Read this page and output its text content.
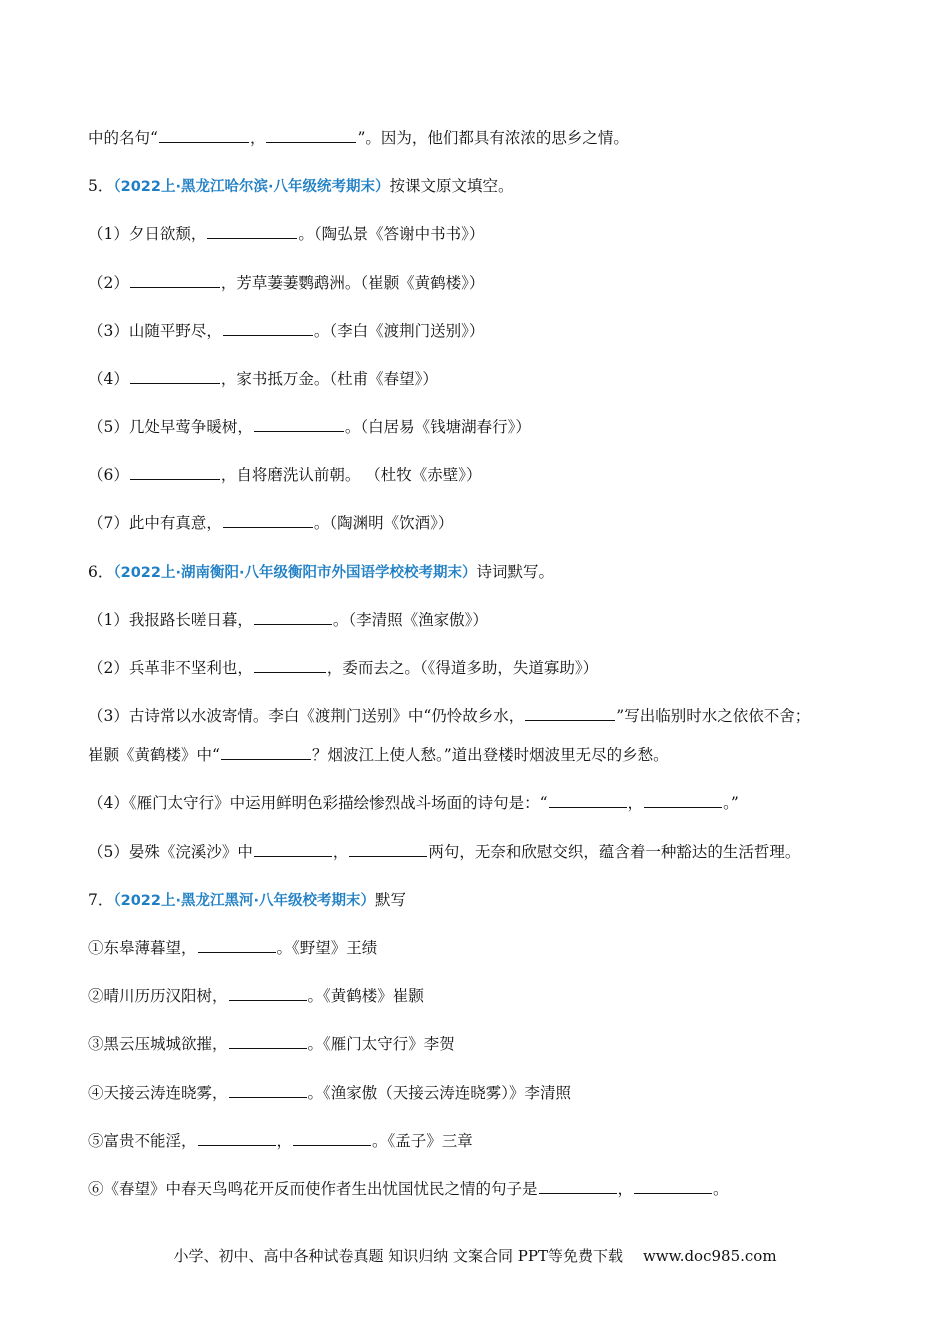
中的名句“	，	”。因为，他们都具有浓浓的思乡之情。
5．（2022上·黑龙江哈尔滨·八年级统考期末）按课文原文填空。
（1）夕日欲颓，	。（陶弘景《答谢中书书》）
（2）	，芳草萋萋鹦鹉洲。（崔颢《黄鹤楼》）
（3）山随平野尽，	。（李白《渡荆门送别》）
（4）	，家书抵万金。（杜甫《春望》）
（5）几处早莺争暖树，	。（白居易《钱塘湖春行》）
（6）	，自将磨洗认前朝。 （杜牧《赤壁》）
（7）此中有真意，	。（陶渊明《饮酒》）
6．（2022上·湖南衡阳·八年级衡阳市外国语学校校考期末）诗词默写。
（1）我报路长嗟日暮，	。（李清照《渔家傲》）
（2）兵革非不坚利也，	，委而去之。（《得道多助，失道寡助》）
（3）古诗常以水波寄情。李白《渡荆门送别》中“仍怜故乡水，	”写出临别时水之依依不舍；
崔颢《黄鹤楼》中“	？烟波江上使人愁。”道出登楼时烟波里无尽的乡愁。
（4）《雁门太守行》中运用鲜明色彩描绘惨烈战斗场面的诗句是：“	，	。”
（5）晏殊《浣溪沙》中	，	两句，无奈和欣慰交织，蕴含着一种豁达的生活哲理。
7．（2022上·黑龙江黑河·八年级校考期末）默写
①东皋薄暮望，	。《野望》王绩
②晴川历历汉阳树，	。《黄鹤楼》崔颢
③黑云压城城欲摧，	。《雁门太守行》李贺
④天接云涛连晓雾，	。《渔家傲（天接云涛连晓雾）》李清照
⑤富贵不能淫，	，	。《孟子》三章
⑥《春望》中春天鸟鸣花开反而使作者生出忧国忧民之情的句子是	，	。
小学、初中、高中各种试卷真题 知识归纳 文案合同 PPT等免费下载 www.doc985.com
